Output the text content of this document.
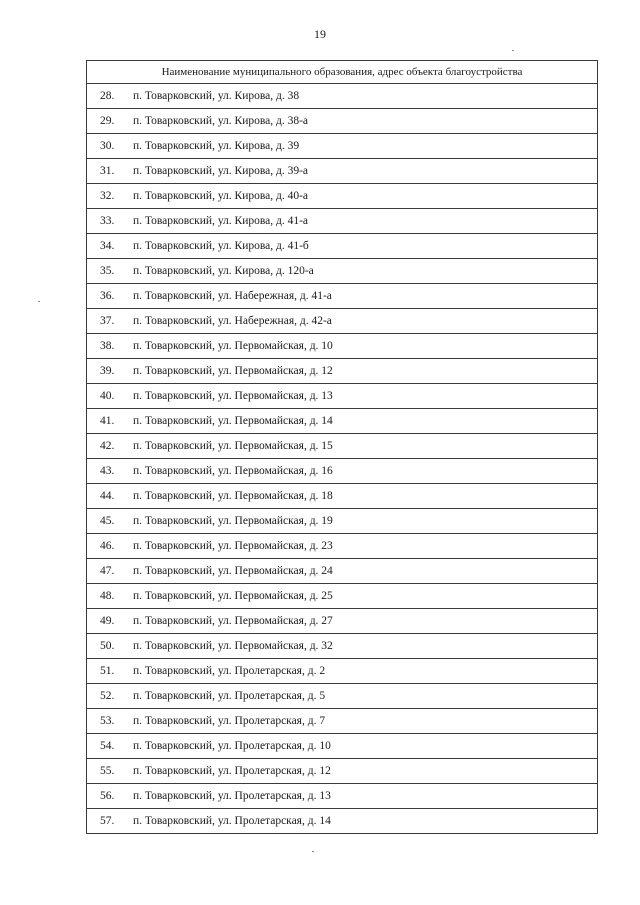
19
Наименование муниципального образования, адрес объекта благоустройства

28. п. Товарковский, ул. Кирова, д. 38

29. п. Товарковский, ул. Кирова, д. 38-а

30. п. Товарковский, ул. Кирова, д. 39

31. п. Товарковский, ул. Кирова, д. 39-а

32. п. Товарковский, ул. Кирова, д. 40-а

33. п. Товарковский, ул. Кирова, д. 41-а

34. п. Товарковский, ул. Кирова, д. 41-б

35. п. Товарковский, ул. Кирова, д. 120-а

36. п. Товарковский, ул. Набережная, д. 41-а

37. п. Товарковский, ул. Набережная, д. 42-а

38. п. Товарковский, ул. Первомайская, д. 10

39. п. Товарковский, ул. Первомайская, д. 12

40. п. Товарковский, ул. Первомайская, д. 13

41. п. Товарковский, ул. Первомайская, д. 14

42. п. Товарковский, ул. Первомайская, д. 15

43. п. Товарковский, ул. Первомайская, д. 16

44. п. Товарковский, ул. Первомайская, д. 18

45. п. Товарковский, ул. Первомайская, д. 19

46. п. Товарковский, ул. Первомайская, д. 23

47. п. Товарковский, ул. Первомайская, д. 24

48. п. Товарковский, ул. Первомайская, д. 25

49. п. Товарковский, ул. Первомайская, д. 27

50. п. Товарковский, ул. Первомайская, д. 32

51. п. Товарковский, ул. Пролетарская, д. 2

52. п. Товарковский, ул. Пролетарская, д. 5

53. п. Товарковский, ул. Пролетарская, д. 7

54. п. Товарковский, ул. Пролетарская, д. 10

55. п. Товарковский, ул. Пролетарская, д. 12

56. п. Товарковский, ул. Пролетарская, д. 13

57. п. Товарковский, ул. Пролетарская, д. 14
